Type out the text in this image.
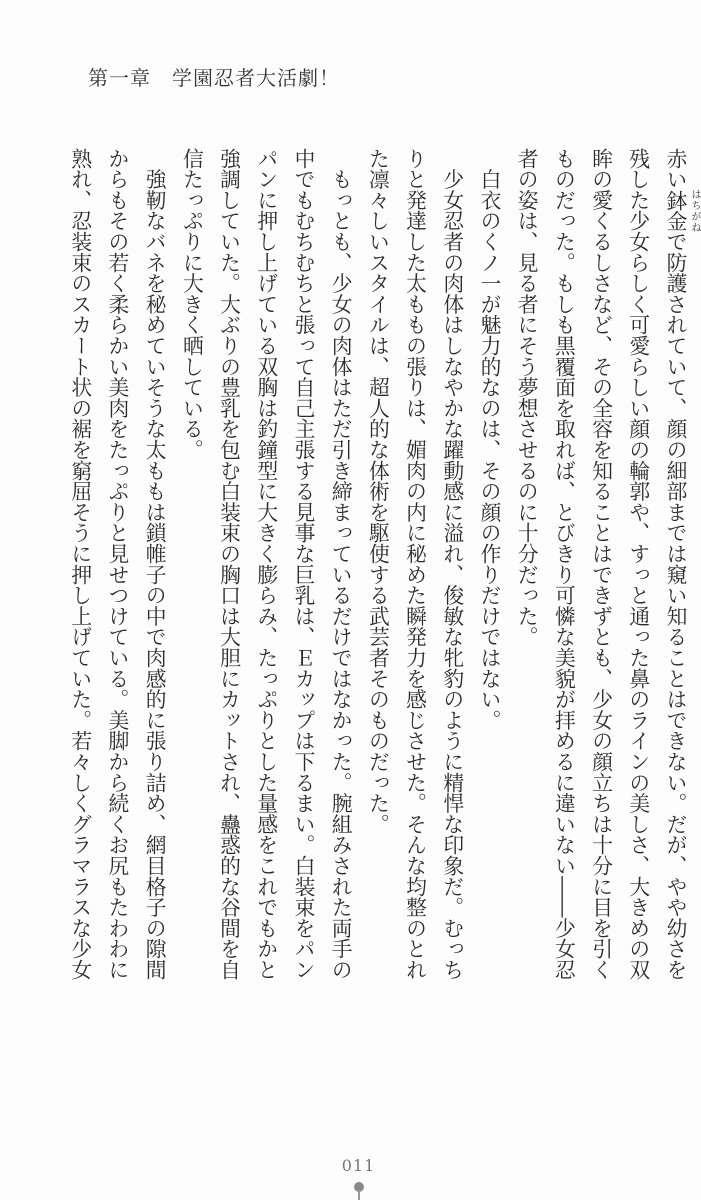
第一章　学園忍者大活劇！
赤い鉢金 はちがね
で防護されていて、顔の細部までは窺い知ることはできない。だが、やや幼さを
残した少女らしく可愛らしい顔の輪郭や、すっと通った鼻のラインの美しさ、大きめの双
眸の愛くるしさなど、その全容を知ることはできずとも、少女の顔立ちは十分に目を引く
ものだった。もしも黒覆面を取れば、とびきり可憐な美貌が拝めるに違いない――少女忍
者の姿は、見る者にそう夢想させるのに十分だった。
　白衣のくノ一が魅力的なのは、その顔の作りだけではない。
　少女忍者の肉体はしなやかな躍動感に溢れ、俊敏な牝豹のように精悍な印象だ。むっち
りと発達した太ももの張りは、媚肉の内に秘めた瞬発力を感じさせた。そんな均整のとれ
た凛々しいスタイルは、超人的な体術を駆使する武芸者そのものだった。
　もっとも、少女の肉体はただ引き締まっているだけではなかった。腕組みされた両手の
中でもむちむちと張って自己主張する見事な巨乳は、Ｅカップは下るまい。白装束をパン
パンに押し上げている双胸は釣鐘型に大きく膨らみ、たっぷりとした量感をこれでもかと
強調していた。大ぶりの豊乳を包む白装束の胸口は大胆にカットされ、蠱惑的な谷間を自
信たっぷりに大きく晒している。
　強靭なバネを秘めていそうな太ももは鎖帷子の中で肉感的に張り詰め、網目格子の隙間
からもその若く柔らかい美肉をたっぷりと見せつけている。美脚から続くお尻もたわわに
熟れ、忍装束のスカート状の裾を窮屈そうに押し上げていた。若々しくグラマラスな少女
011
